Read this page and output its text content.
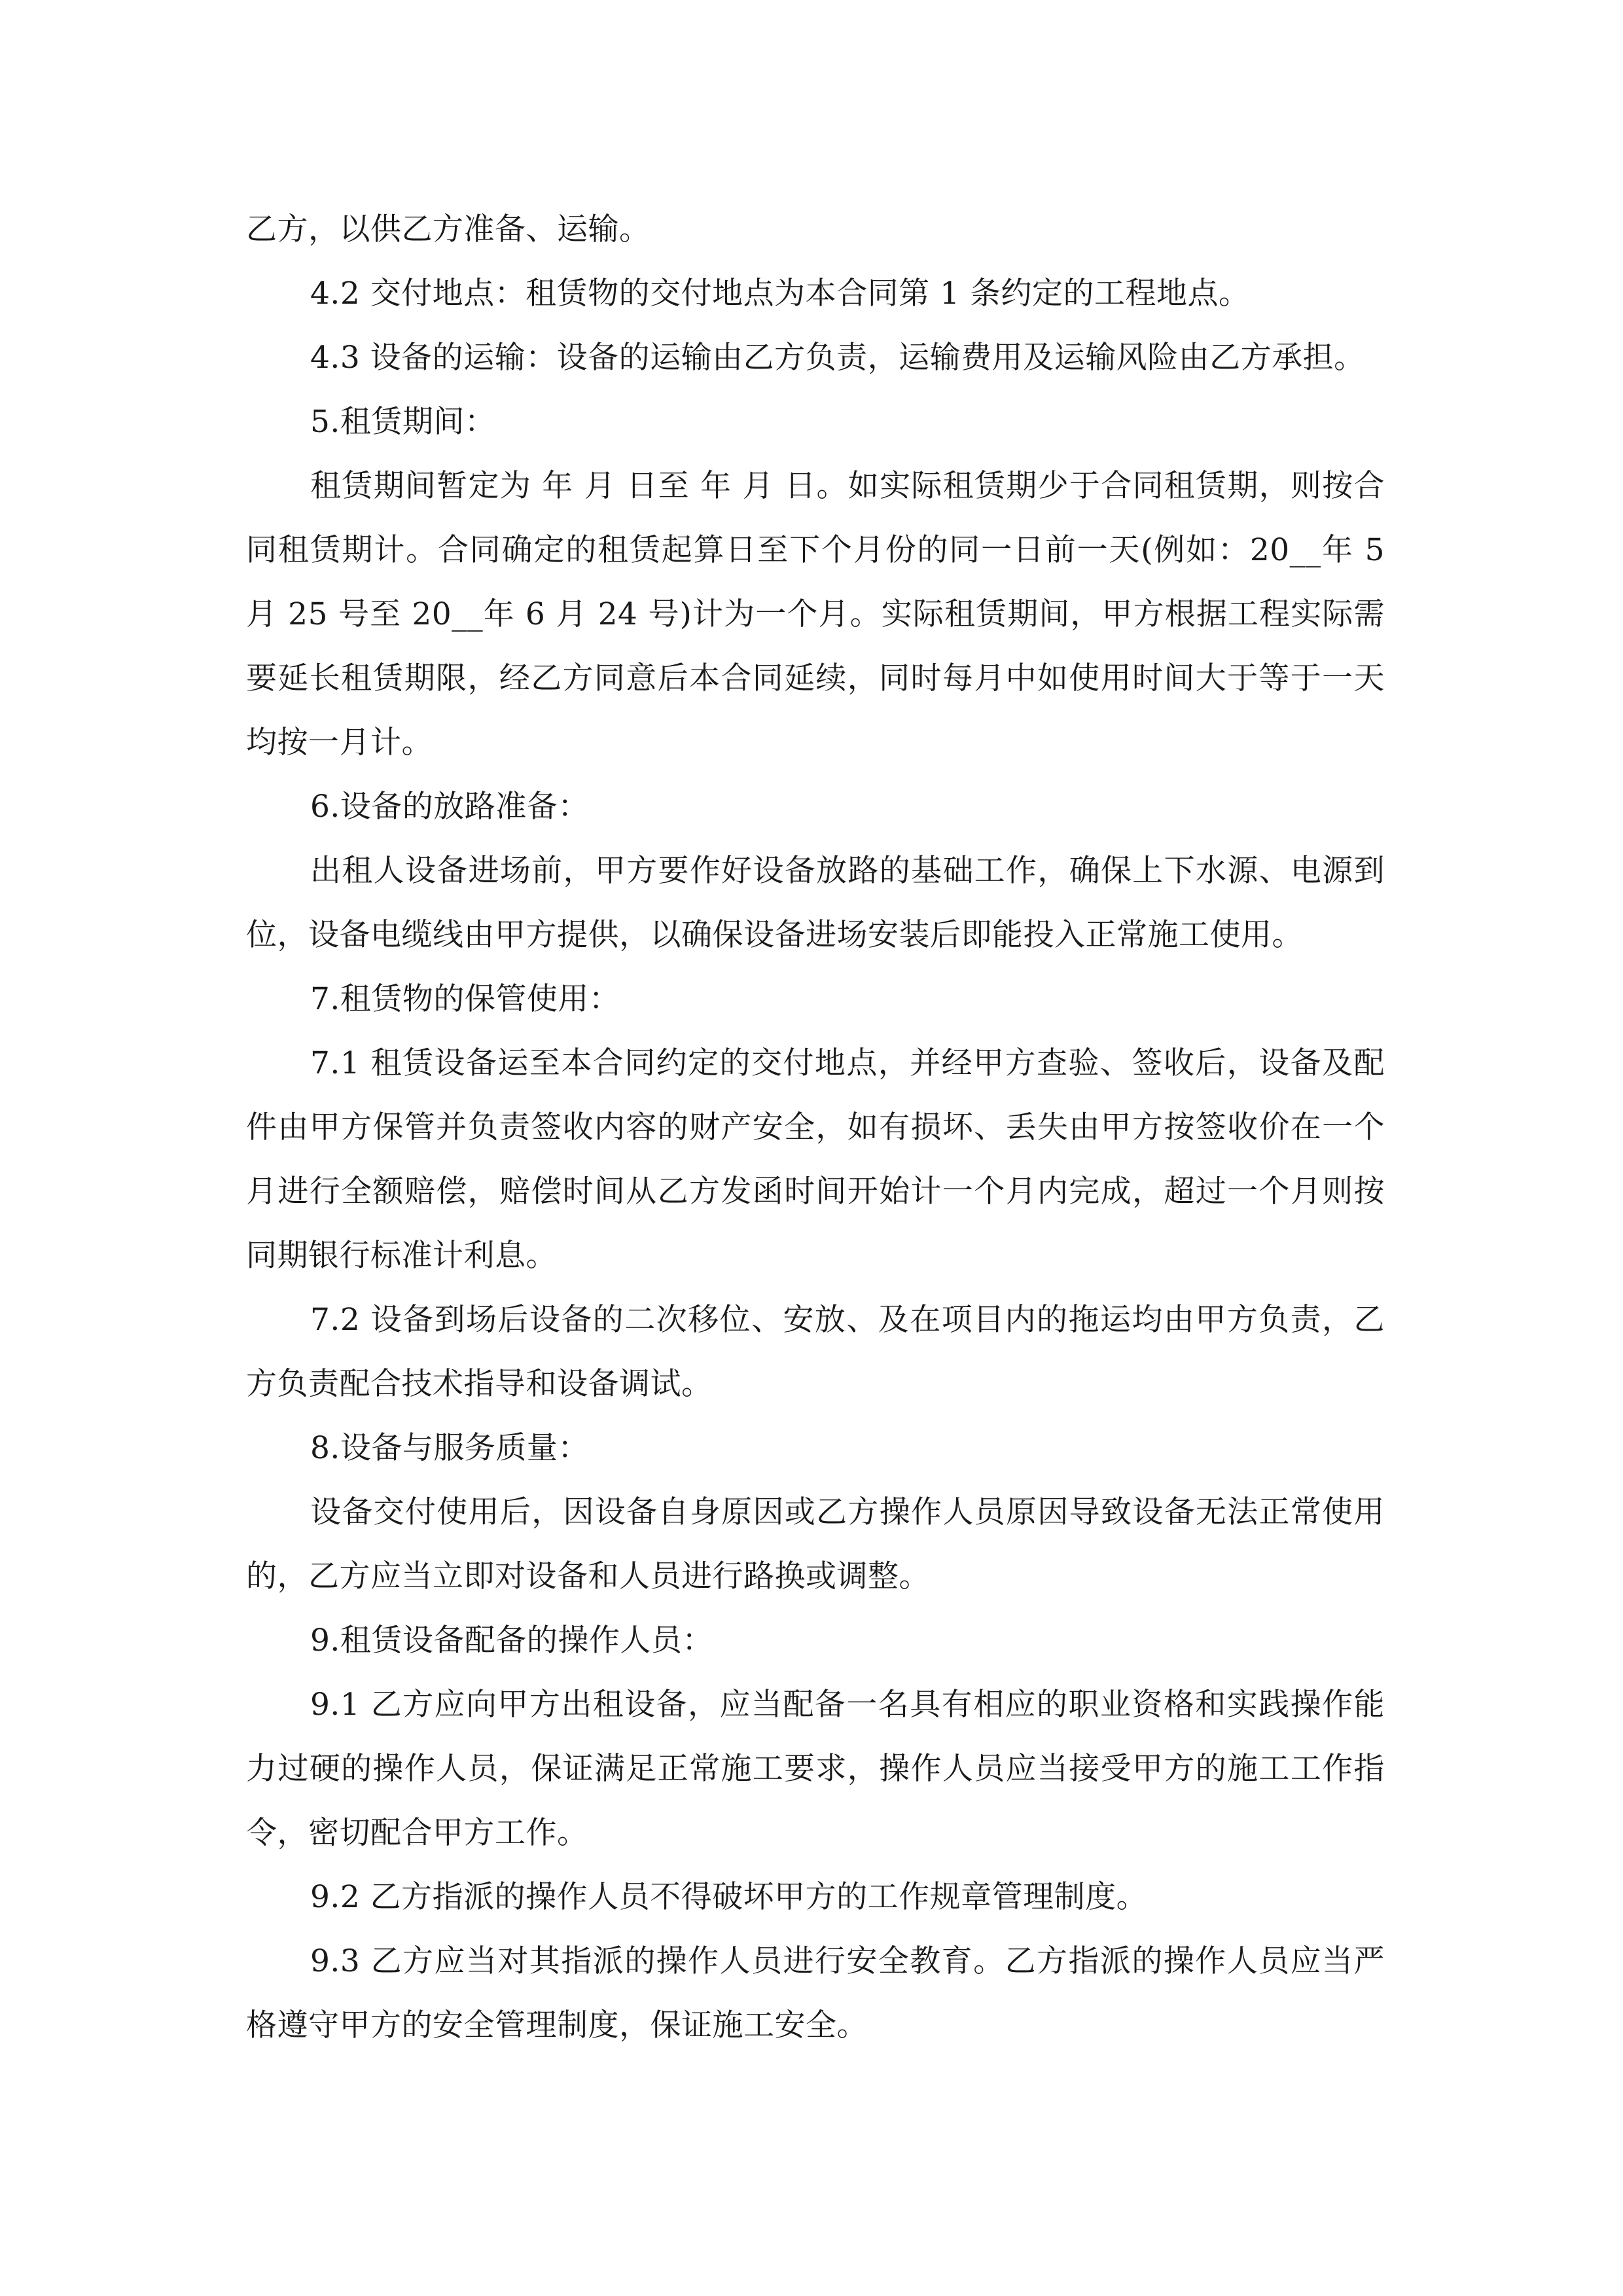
乙方，以供乙方准备、运输。

4.2 交付地点：租赁物的交付地点为本合同第 1 条约定的工程地点。

4.3 设备的运输：设备的运输由乙方负责，运输费用及运输风险由乙方承担。

5.租赁期间：

租赁期间暂定为 年 月 日至 年 月 日。如实际租赁期少于合同租赁期，则按合同租赁期计。合同确定的租赁起算日至下个月份的同一日前一天(例如：20__年 5 月 25 号至 20__年 6 月 24 号)计为一个月。实际租赁期间，甲方根据工程实际需要延长租赁期限，经乙方同意后本合同延续，同时每月中如使用时间大于等于一天均按一月计。

6.设备的放路准备：

出租人设备进场前，甲方要作好设备放路的基础工作，确保上下水源、电源到位，设备电缆线由甲方提供，以确保设备进场安装后即能投入正常施工使用。

7.租赁物的保管使用：

7.1 租赁设备运至本合同约定的交付地点，并经甲方查验、签收后，设备及配件由甲方保管并负责签收内容的财产安全，如有损坏、丢失由甲方按签收价在一个月进行全额赔偿，赔偿时间从乙方发函时间开始计一个月内完成，超过一个月则按同期银行标准计利息。

7.2 设备到场后设备的二次移位、安放、及在项目内的拖运均由甲方负责，乙方负责配合技术指导和设备调试。

8.设备与服务质量：

设备交付使用后，因设备自身原因或乙方操作人员原因导致设备无法正常使用的，乙方应当立即对设备和人员进行路换或调整。

9.租赁设备配备的操作人员：

9.1 乙方应向甲方出租设备，应当配备一名具有相应的职业资格和实践操作能力过硬的操作人员，保证满足正常施工要求，操作人员应当接受甲方的施工工作指令，密切配合甲方工作。

9.2 乙方指派的操作人员不得破坏甲方的工作规章管理制度。

9.3 乙方应当对其指派的操作人员进行安全教育。乙方指派的操作人员应当严格遵守甲方的安全管理制度，保证施工安全。
